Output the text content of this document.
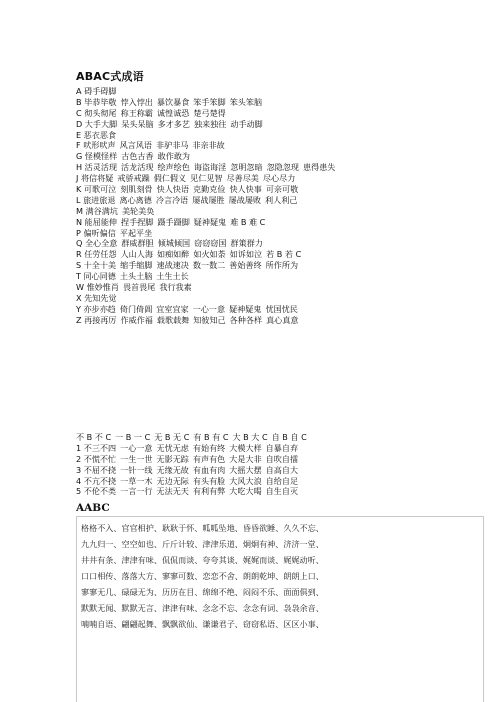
ABAC式成语
A 碍手碍脚
B 毕恭毕敬 悖入悖出 暴饮暴食 笨手笨脚 笨头笨脑
C 彻头彻尾 称王称霸 诚惶诚恐 楚弓楚得
D 大手大脚 呆头呆脑 多才多艺 独来独往 动手动脚
E 恶衣恶食
F 吠形吠声 风言风语 非驴非马 非亲非故
G 怪模怪样 古色古香 敢作敢为
H 活灵活现 活龙活现 绘声绘色 诲盗诲淫 忽明忽暗 忽隐忽现 患得患失
J 将信将疑 戒骄戒躁 假仁假义 见仁见智 尽善尽美 尽心尽力
K 可歌可泣 刻肌刻骨 快人快语 克勤克俭 快人快事 可亲可敬
L 旅进旅退 离心离德 冷言冷语 屡战屡胜 屡战屡败 利人利己
M 满谷满坑 美轮美奂
N 能屈能伸 捏手捏脚 蹑手蹑脚 疑神疑鬼 难 B 难 C
P 偏听偏信 平起平坐
Q 全心全意 群威群胆 倾城倾国 窃窃窃国 群策群力
R 任劳任怨 人山人海 如痴如醉 如火如荼 如诉如泣 若 B 若 C
S 十全十美 缩手缩脚 速战速决 数一数二 善始善终 所作所为
T 同心同德 土头土脑 土生土长
W 惟妙惟肖 畏首畏尾 我行我素
X 先知先觉
Y 亦步亦趋 倚门倚阊 宜室宜家 一心一意 疑神疑鬼 忧国忧民
Z 再接再厉 作威作福 载歌载舞 知彼知己 各种各样 真心真意
不 B 不 C 一 B 一 C 无 B 无 C 有 B 有 C 大 B 大 C 自 B 自 C
1 不三不四 一心一意 无忧无虑 有始有终 大模大样 自暴自弃
2 不慌不忙 一生一世 无影无踪 有声有色 大是大非 自吹自擂
3 不屈不挠 一针一线 无缘无故 有血有肉 大摇大摆 自高自大
4 不亢不挠 一草一木 无边无际 有头有脸 大风大浪 自给自足
5 不伦不类 一言一行 无法无天 有利有弊 大吃大喝 自生自灭
AABC
格格不入、官官相护、耿耿于怀、呱呱坠地、昏昏欲睡、久久不忘、
九九归一、空空如也、斤斤计较、津津乐道、炯炯有神、济济一堂、
井井有条、津津有味、侃侃而谈、夸夸其谈、娓娓而谈、娓娓动听、
口口相传、落落大方、寥寥可数、恋恋不舍、朗朗乾坤、朗朗上口、
寥寥无几、碌碌无为、历历在目、绵绵不绝、闷闷不乐、面面俱到、
默默无闻、默默无言、津津有味、念念不忘、念念有词、袅袅余音、
喃喃自语、翩翩起舞、飘飘欲仙、谦谦君子、窃窃私语、区区小事、
